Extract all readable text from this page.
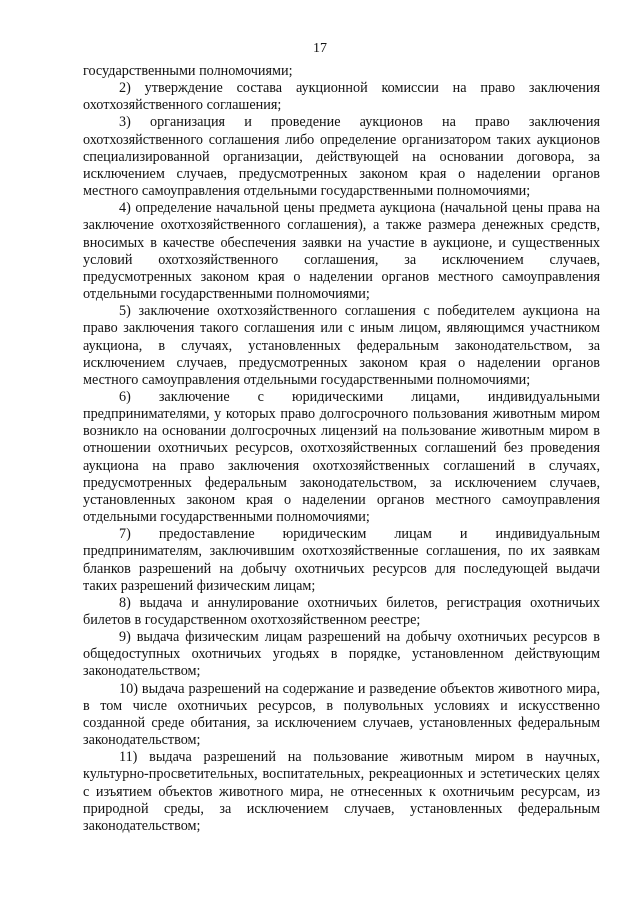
17

государственными полномочиями;

2) утверждение состава аукционной комиссии на право заключения охотхозяйственного соглашения;

3) организация и проведение аукционов на право заключения охотхозяйственного соглашения либо определение организатором таких аукционов специализированной организации, действующей на основании договора, за исключением случаев, предусмотренных законом края о наделении органов местного самоуправления отдельными государственными полномочиями;

4) определение начальной цены предмета аукциона (начальной цены права на заключение охотхозяйственного соглашения), а также размера денежных средств, вносимых в качестве обеспечения заявки на участие в аукционе, и существенных условий охотхозяйственного соглашения, за исключением случаев, предусмотренных законом края о наделении органов местного самоуправления отдельными государственными полномочиями;

5) заключение охотхозяйственного соглашения с победителем аукциона на право заключения такого соглашения или с иным лицом, являющимся участником аукциона, в случаях, установленных федеральным законодательством, за исключением случаев, предусмотренных законом края о наделении органов местного самоуправления отдельными государственными полномочиями;

6) заключение с юридическими лицами, индивидуальными предпринимателями, у которых право долгосрочного пользования животным миром возникло на основании долгосрочных лицензий на пользование животным миром в отношении охотничьих ресурсов, охотхозяйственных соглашений без проведения аукциона на право заключения охотхозяйственных соглашений в случаях, предусмотренных федеральным законодательством, за исключением случаев, установленных законом края о наделении органов местного самоуправления отдельными государственными полномочиями;

7) предоставление юридическим лицам и индивидуальным предпринимателям, заключившим охотхозяйственные соглашения, по их заявкам бланков разрешений на добычу охотничьих ресурсов для последующей выдачи таких разрешений физическим лицам;

8) выдача и аннулирование охотничьих билетов, регистрация охотничьих билетов в государственном охотхозяйственном реестре;

9) выдача физическим лицам разрешений на добычу охотничьих ресурсов в общедоступных охотничьих угодьях в порядке, установленном действующим законодательством;

10) выдача разрешений на содержание и разведение объектов животного мира, в том числе охотничьих ресурсов, в полувольных условиях и искусственно созданной среде обитания, за исключением случаев, установленных федеральным законодательством;

11) выдача разрешений на пользование животным миром в научных, культурно-просветительных, воспитательных, рекреационных и эстетических целях с изъятием объектов животного мира, не отнесенных к охотничьим ресурсам, из природной среды, за исключением случаев, установленных федеральным законодательством;
